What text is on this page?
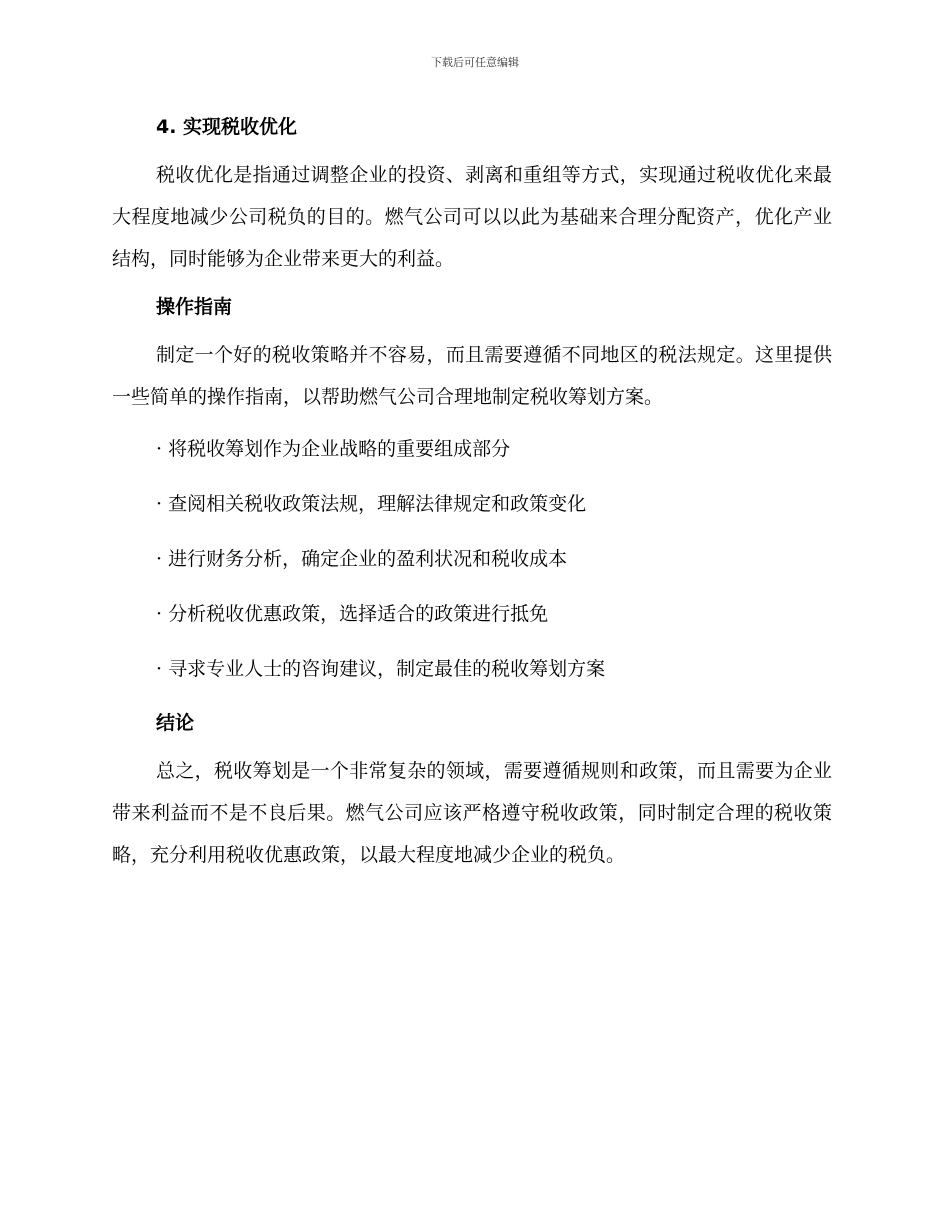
下载后可任意编辑
4. 实现税收优化

税收优化是指通过调整企业的投资、剥离和重组等方式，实现通过税收优化来最大程度地减少公司税负的目的。燃气公司可以以此为基础来合理分配资产，优化产业结构，同时能够为企业带来更大的利益。

操作指南

制定一个好的税收策略并不容易，而且需要遵循不同地区的税法规定。这里提供一些简单的操作指南，以帮助燃气公司合理地制定税收筹划方案。

· 将税收筹划作为企业战略的重要组成部分

· 查阅相关税收政策法规，理解法律规定和政策变化

· 进行财务分析，确定企业的盈利状况和税收成本

· 分析税收优惠政策，选择适合的政策进行抵免

· 寻求专业人士的咨询建议，制定最佳的税收筹划方案

结论

总之，税收筹划是一个非常复杂的领域，需要遵循规则和政策，而且需要为企业带来利益而不是不良后果。燃气公司应该严格遵守税收政策，同时制定合理的税收策略，充分利用税收优惠政策，以最大程度地减少企业的税负。
